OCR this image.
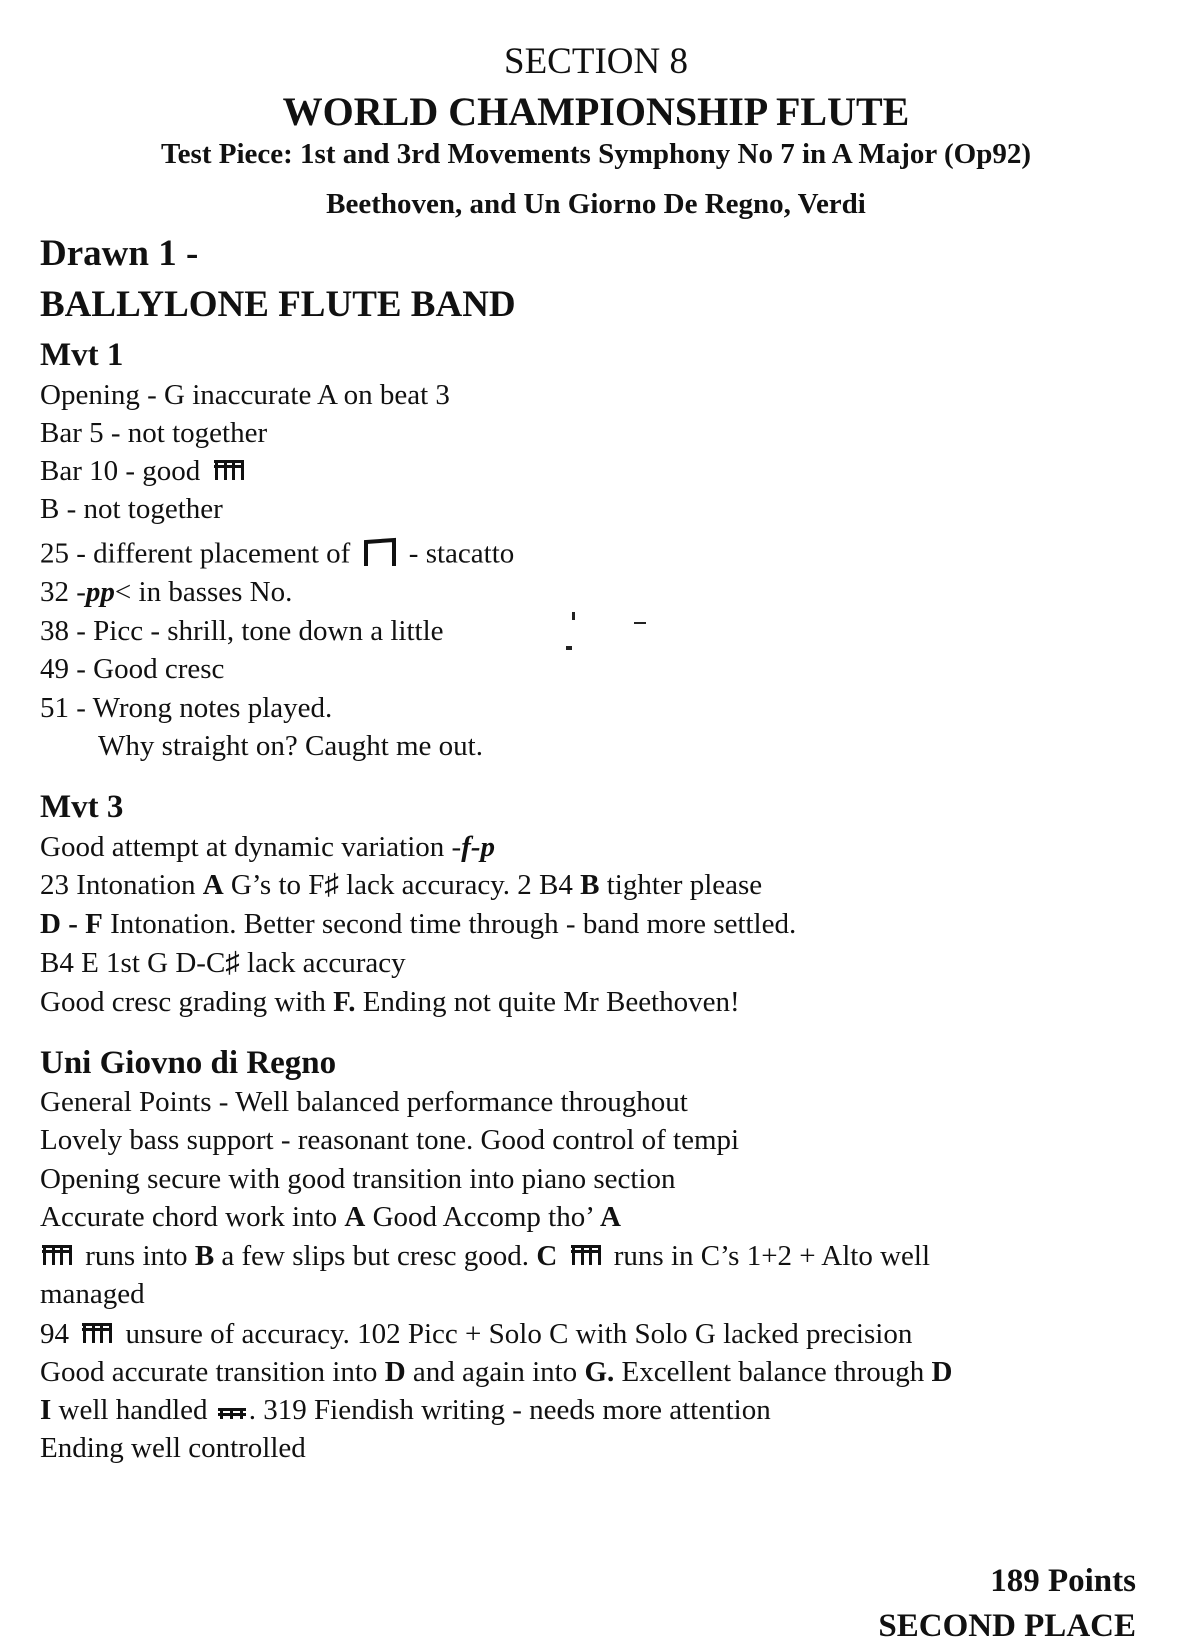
SECTION 8
WORLD CHAMPIONSHIP FLUTE
Test Piece: 1st and 3rd Movements Symphony No 7 in A Major (Op92)
Beethoven, and Un Giorno De Regno, Verdi
Drawn 1 -
BALLYLONE FLUTE BAND
Mvt 1
Opening - G inaccurate A on beat 3
Bar 5 - not together
Bar 10 - good
B - not together
25 - different placement of - stacatto
32 -pp< in basses No.
38 - Picc - shrill, tone down a little
49 - Good cresc
51 - Wrong notes played.
Why straight on? Caught me out.
Mvt 3
Good attempt at dynamic variation -f-p
23 Intonation A G’s to F♯ lack accuracy. 2 B4 B tighter please
D - F Intonation. Better second time through - band more settled.
B4 E 1st G D-C♯ lack accuracy
Good cresc grading with F. Ending not quite Mr Beethoven!
Uni Giovno di Regno
General Points - Well balanced performance throughout
Lovely bass support - reasonant tone. Good control of tempi
Opening secure with good transition into piano section
Accurate chord work into A Good Accomp tho’ A
runs into B a few slips but cresc good. C runs in C’s 1+2 + Alto well
managed
94 unsure of accuracy. 102 Picc + Solo C with Solo G lacked precision
Good accurate transition into D and again into G. Excellent balance through D
I well handled . 319 Fiendish writing - needs more attention
Ending well controlled
189 Points
SECOND PLACE
